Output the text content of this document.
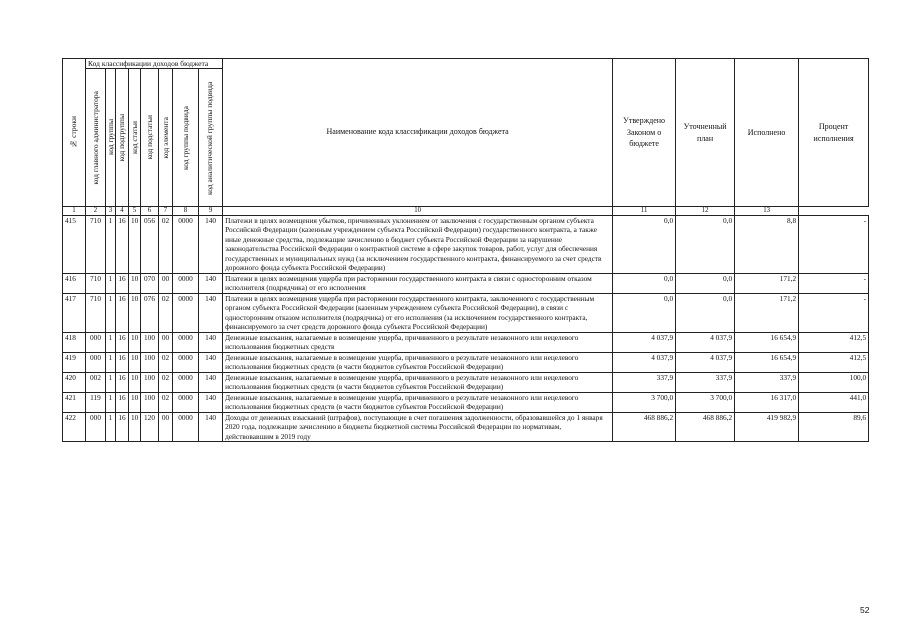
№ строки	Код классификации доходов бюджета								Наименование кода классификации доходов бюджета	Утверждено Законом о бюджете	Уточненный план	Исполнено	Процент исполнения

	код главного администратора	код группы	код подгруппы	код статьи	код подстатьи	код элемента	код группы подвида	код аналитической группы подвида					

1	2	3	4	5	6	7	8	9	10	11	12	13	
415	710	1	16	10	056	02	0000	140	Платежи в целях возмещения убытков, причиненных уклонением от заключения с государственным органом субъекта Российской Федерации (казенным учреждением субъекта Российской Федерации) государственного контракта, а также иные денежные средства, подлежащие зачислению в бюджет субъекта Российской Федерации за нарушение законодательства Российской Федерации о контрактной системе в сфере закупок товаров, работ, услуг для обеспечения государственных и муниципальных нужд (за исключением государственного контракта, финансируемого за счет средств дорожного фонда субъекта Российской Федерации)	0,0	0,0	8,8	-
416	710	1	16	10	070	00	0000	140	Платежи в целях возмещения ущерба при расторжении государственного контракта в связи с односторонним отказом исполнителя (подрядчика) от его исполнения	0,0	0,0	171,2	-
417	710	1	16	10	076	02	0000	140	Платежи в целях возмещения ущерба при расторжении государственного контракта, заключенного с государственным органом субъекта Российской Федерации (казенным учреждением субъекта Российской Федерации), в связи с односторонним отказом исполнителя (подрядчика) от его исполнения (за исключением государственного контракта, финансируемого за счет средств дорожного фонда субъекта Российской Федерации)	0,0	0,0	171,2	-
418	000	1	16	10	100	00	0000	140	Денежные взыскания, налагаемые в возмещение ущерба, причиненного в результате незаконного или нецелевого использования бюджетных средств	4 037,9	4 037,9	16 654,9	412,5
419	000	1	16	10	100	02	0000	140	Денежные взыскания, налагаемые в возмещение ущерба, причиненного в результате незаконного или нецелевого использования бюджетных средств (в части бюджетов субъектов Российской Федерации)	4 037,9	4 037,9	16 654,9	412,5
420	002	1	16	10	100	02	0000	140	Денежные взыскания, налагаемые в возмещение ущерба, причиненного в результате незаконного или нецелевого использования бюджетных средств (в части бюджетов субъектов Российской Федерации)	337,9	337,9	337,9	100,0
421	119	1	16	10	100	02	0000	140	Денежные взыскания, налагаемые в возмещение ущерба, причиненного в результате незаконного или нецелевого использования бюджетных средств (в части бюджетов субъектов Российской Федерации)	3 700,0	3 700,0	16 317,0	441,0
422	000	1	16	10	120	00	0000	140	Доходы от денежных взысканий (штрафов), поступающие в счет погашения задолженности, образовавшейся до 1 января 2020 года, подлежащие зачислению в бюджеты бюджетной системы Российской Федерации по нормативам, действовавшим в 2019 году	468 886,2	468 886,2	419 982,9	89,6
52
